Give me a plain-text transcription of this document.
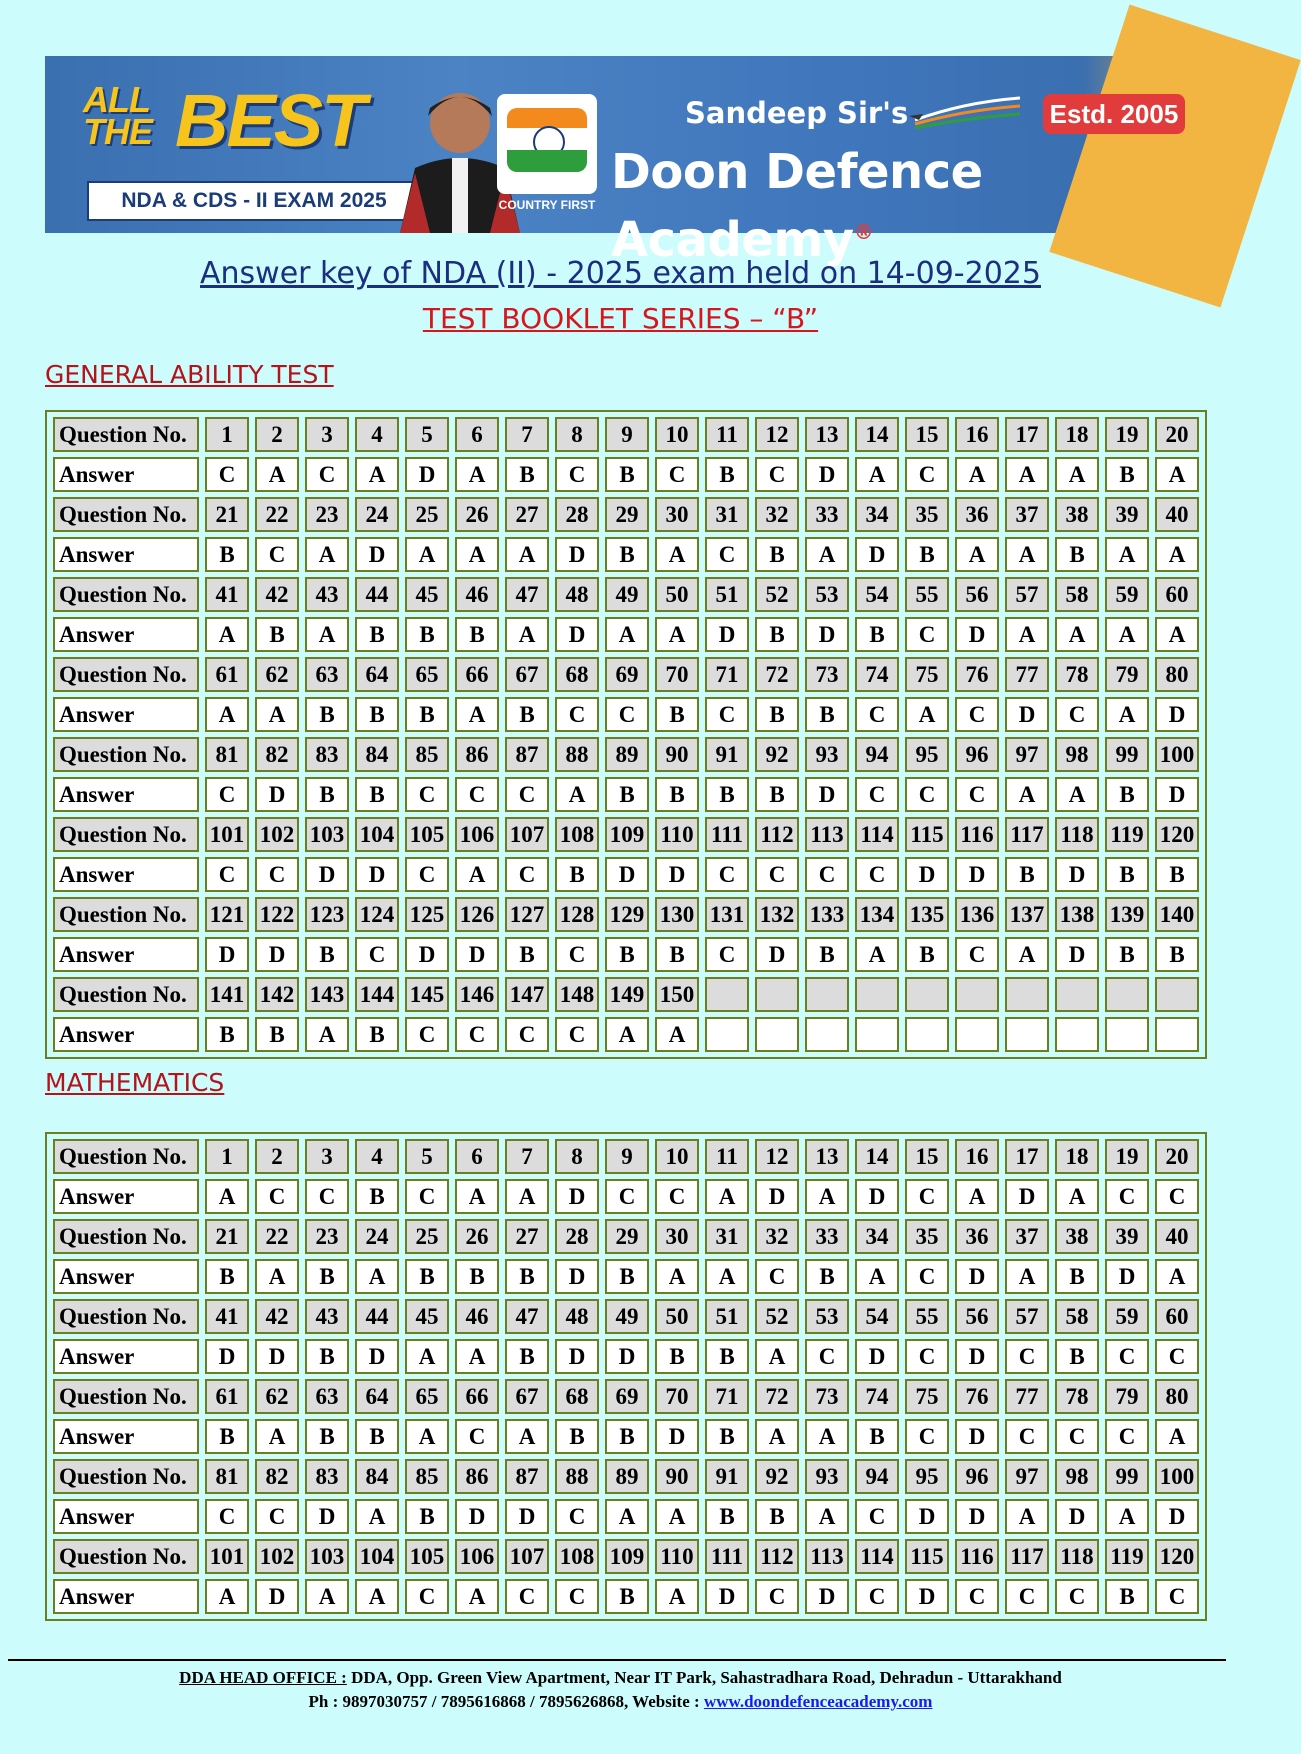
ALL THE BEST
NDA & CDS - II EXAM 2025	COUNTRY FIRST
Sandeep Sir's	Estd. 2005
Doon Defence Academy®
Answer key of NDA (II) - 2025 exam held on 14-09-2025
TEST BOOKLET SERIES – “B”
GENERAL ABILITY TEST
Question No.	1	2	3	4	5	6	7	8	9	10	11	12	13	14	15	16	17	18	19	20
Answer	C	A	C	A	D	A	B	C	B	C	B	C	D	A	C	A	A	A	B	A
Question No.	21	22	23	24	25	26	27	28	29	30	31	32	33	34	35	36	37	38	39	40
Answer	B	C	A	D	A	A	A	D	B	A	C	B	A	D	B	A	A	B	A	A
Question No.	41	42	43	44	45	46	47	48	49	50	51	52	53	54	55	56	57	58	59	60
Answer	A	B	A	B	B	B	A	D	A	A	D	B	D	B	C	D	A	A	A	A
Question No.	61	62	63	64	65	66	67	68	69	70	71	72	73	74	75	76	77	78	79	80
Answer	A	A	B	B	B	A	B	C	C	B	C	B	B	C	A	C	D	C	A	D
Question No.	81	82	83	84	85	86	87	88	89	90	91	92	93	94	95	96	97	98	99	100
Answer	C	D	B	B	C	C	C	A	B	B	B	B	D	C	C	C	A	A	B	D
Question No.	101	102	103	104	105	106	107	108	109	110	111	112	113	114	115	116	117	118	119	120
Answer	C	C	D	D	C	A	C	B	D	D	C	C	C	C	D	D	B	D	B	B
Question No.	121	122	123	124	125	126	127	128	129	130	131	132	133	134	135	136	137	138	139	140
Answer	D	D	B	C	D	D	B	C	B	B	C	D	B	A	B	C	A	D	B	B
Question No.	141	142	143	144	145	146	147	148	149	150										
Answer	B	B	A	B	C	C	C	C	A	A										
MATHEMATICS
Question No.	1	2	3	4	5	6	7	8	9	10	11	12	13	14	15	16	17	18	19	20
Answer	A	C	C	B	C	A	A	D	C	C	A	D	A	D	C	A	D	A	C	C
Question No.	21	22	23	24	25	26	27	28	29	30	31	32	33	34	35	36	37	38	39	40
Answer	B	A	B	A	B	B	B	D	B	A	A	C	B	A	C	D	A	B	D	A
Question No.	41	42	43	44	45	46	47	48	49	50	51	52	53	54	55	56	57	58	59	60
Answer	D	D	B	D	A	A	B	D	D	B	B	A	C	D	C	D	C	B	C	C
Question No.	61	62	63	64	65	66	67	68	69	70	71	72	73	74	75	76	77	78	79	80
Answer	B	A	B	B	A	C	A	B	B	D	B	A	A	B	C	D	C	C	C	A
Question No.	81	82	83	84	85	86	87	88	89	90	91	92	93	94	95	96	97	98	99	100
Answer	C	C	D	A	B	D	D	C	A	A	B	B	A	C	D	D	A	D	A	D
Question No.	101	102	103	104	105	106	107	108	109	110	111	112	113	114	115	116	117	118	119	120
Answer	A	D	A	A	C	A	C	C	B	A	D	C	D	C	D	C	C	C	B	C
DDA HEAD OFFICE : DDA, Opp. Green View Apartment, Near IT Park, Sahastradhara Road, Dehradun - Uttarakhand
Ph : 9897030757 / 7895616868 / 7895626868, Website : www.doondefenceacademy.com
